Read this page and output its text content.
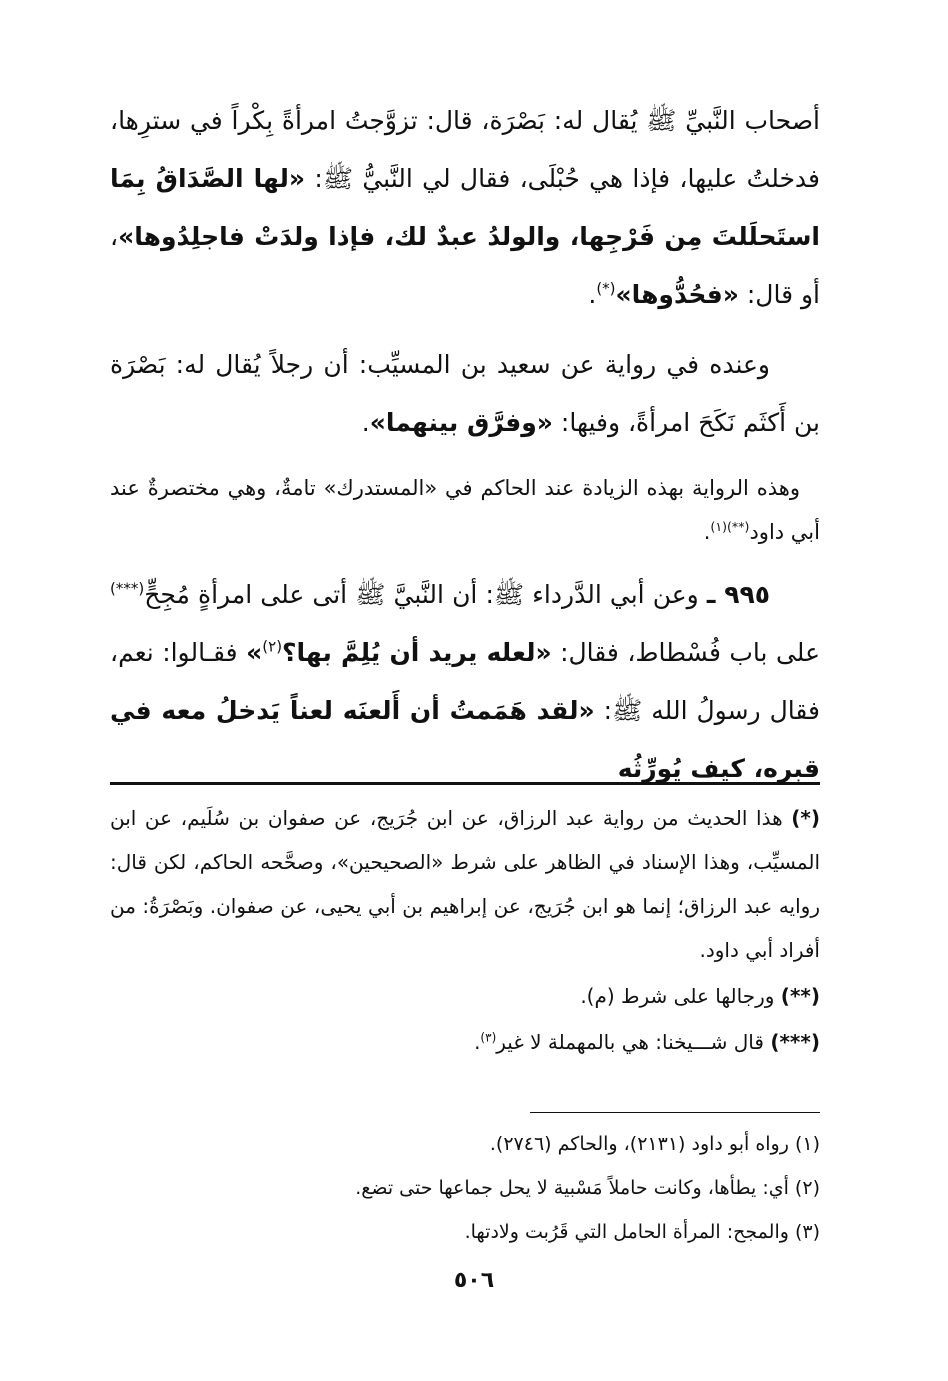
أصحاب النَّبيِّ ﷺ يُقال له: بَصْرَة، قال: تزوَّجتُ امرأةً بِكْراً في سترِها، فدخلتُ عليها، فإذا هي حُبْلَى، فقال لي النَّبيُّ ﷺ: «لها الصَّدَاقُ بِمَا استَحلَلتَ مِن فَرْجِها، والولدُ عبدٌ لك، فإذا ولدَتْ فاجلِدُوها»، أو قال: «فحُدُّوها»(*).

وعنده في رواية عن سعيد بن المسيِّب: أن رجلاً يُقال له: بَصْرَة بن أَكثَم نَكَحَ امرأةً، وفيها: «وفرَّق بينهما».

وهذه الرواية بهذه الزيادة عند الحاكم في «المستدرك» تامةٌ، وهي مختصرةٌ عند أبي داود$^{(**)(١)}$.

٩٩٥ ـ وعن أبي الدَّرداء ﷺ: أن النَّبيَّ ﷺ أتى على امرأةٍ مُجِحٍّ(***) على باب فُسْطاط، فقال: «لعله يريد أن يُلِمَّ بها؟$^{(٢)}$» فقـالوا: نعم، فقال رسولُ الله ﷺ: «لقد هَمَمتُ أن أَلعنَه لعناً يَدخلُ معه في قبره، كيف يُورِّثُه

(*) هذا الحديث من رواية عبد الرزاق، عن ابن جُرَيج، عن صفوان بن سُلَيم، عن ابن المسيِّب، وهذا الإسناد في الظاهر على شرط «الصحيحين»، وصحَّحه الحاكم، لكن قال: روايه عبد الرزاق؛ إنما هو ابن جُرَيج، عن إبراهيم بن أبي يحيى، عن صفوان. وبَصْرَةُ: من أفراد أبي داود.

(**) ورجالها على شرط (م).

(***) قال شـــيخنا: هي بالمهملة لا غير$^{(٣)}$.

(١) رواه أبو داود (٢١٣١)، والحاكم (٢٧٤٦).

(٢) أي: يطأها، وكانت حاملاً مَسْبية لا يحل جماعها حتى تضع.

(٣) والمجح: المرأة الحامل التي قَرُبت ولادتها.

٥٠٦
